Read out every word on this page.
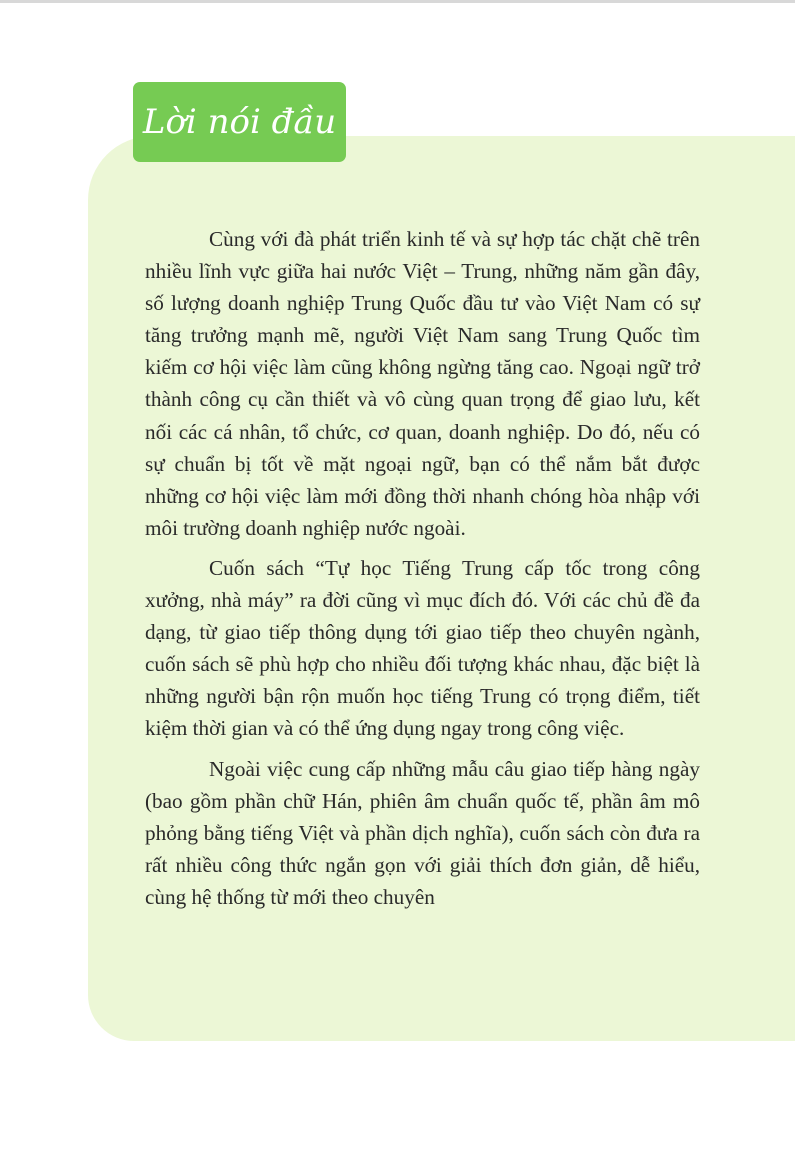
Lời nói đầu

Cùng với đà phát triển kinh tế và sự hợp tác chặt chẽ trên nhiều lĩnh vực giữa hai nước Việt – Trung, những năm gần đây, số lượng doanh nghiệp Trung Quốc đầu tư vào Việt Nam có sự tăng trưởng mạnh mẽ, người Việt Nam sang Trung Quốc tìm kiếm cơ hội việc làm cũng không ngừng tăng cao. Ngoại ngữ trở thành công cụ cần thiết và vô cùng quan trọng để giao lưu, kết nối các cá nhân, tổ chức, cơ quan, doanh nghiệp. Do đó, nếu có sự chuẩn bị tốt về mặt ngoại ngữ, bạn có thể nắm bắt được những cơ hội việc làm mới đồng thời nhanh chóng hòa nhập với môi trường doanh nghiệp nước ngoài.

Cuốn sách “Tự học Tiếng Trung cấp tốc trong công xưởng, nhà máy” ra đời cũng vì mục đích đó. Với các chủ đề đa dạng, từ giao tiếp thông dụng tới giao tiếp theo chuyên ngành, cuốn sách sẽ phù hợp cho nhiều đối tượng khác nhau, đặc biệt là những người bận rộn muốn học tiếng Trung có trọng điểm, tiết kiệm thời gian và có thể ứng dụng ngay trong công việc.

Ngoài việc cung cấp những mẫu câu giao tiếp hàng ngày (bao gồm phần chữ Hán, phiên âm chuẩn quốc tế, phần âm mô phỏng bằng tiếng Việt và phần dịch nghĩa), cuốn sách còn đưa ra rất nhiều công thức ngắn gọn với giải thích đơn giản, dễ hiểu, cùng hệ thống từ mới theo chuyên
